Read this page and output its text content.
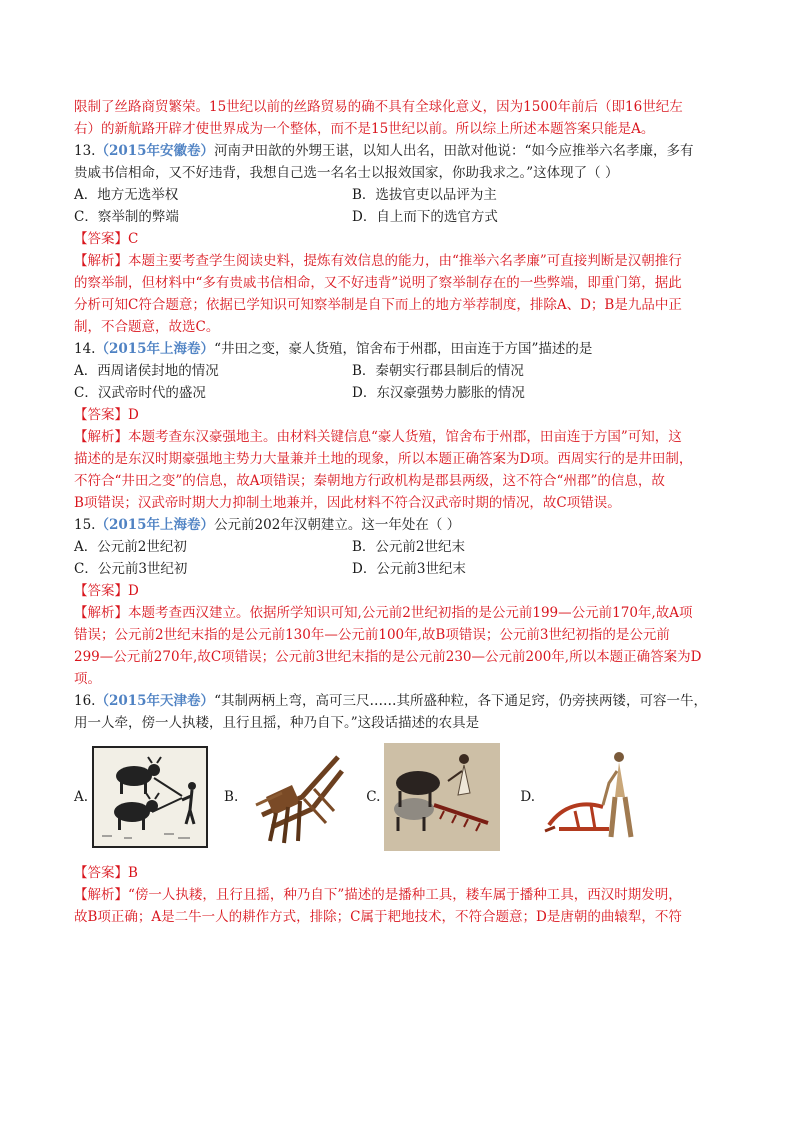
限制了丝路商贸繁荣。15世纪以前的丝路贸易的确不具有全球化意义，因为1500年前后（即16世纪左
右）的新航路开辟才使世界成为一个整体，而不是15世纪以前。所以综上所述本题答案只能是A。
13.（2015年安徽卷）河南尹田歆的外甥王谌，以知人出名，田歆对他说：“如今应推举六名孝廉，多有
贵戚书信相命，又不好违背，我想自己选一名名士以报效国家，你助我求之。”这体现了（ ）
A．地方无选举权	B．选拔官吏以品评为主
C．察举制的弊端	D．自上而下的选官方式
【答案】C
【解析】本题主要考查学生阅读史料，提炼有效信息的能力，由“推举六名孝廉”可直接判断是汉朝推行
的察举制，但材料中“多有贵戚书信相命，又不好违背”说明了察举制存在的一些弊端，即重门第，据此
分析可知C符合题意；依据已学知识可知察举制是自下而上的地方举荐制度，排除A、D；B是九品中正
制，不合题意，故选C。
14.（2015年上海卷）“井田之变，豪人货殖，馆舍布于州郡，田亩连于方国”描述的是
A．西周诸侯封地的情况	B．秦朝实行郡县制后的情况
C．汉武帝时代的盛况	D．东汉豪强势力膨胀的情况
【答案】D
【解析】本题考查东汉豪强地主。由材料关键信息“豪人货殖，馆舍布于州郡，田亩连于方国”可知，这
描述的是东汉时期豪强地主势力大量兼并土地的现象，所以本题正确答案为D项。西周实行的是井田制，
不符合“井田之变”的信息，故A项错误；秦朝地方行政机构是郡县两级，这不符合“州郡”的信息，故
B项错误；汉武帝时期大力抑制土地兼并，因此材料不符合汉武帝时期的情况，故C项错误。
15.（2015年上海卷）公元前202年汉朝建立。这一年处在（ ）
A．公元前2世纪初	B．公元前2世纪末
C．公元前3世纪初	D．公元前3世纪末
【答案】D
【解析】本题考查西汉建立。依据所学知识可知,公元前2世纪初指的是公元前199—公元前170年,故A项
错误；公元前2世纪末指的是公元前130年—公元前100年,故B项错误；公元前3世纪初指的是公元前
299—公元前270年,故C项错误；公元前3世纪末指的是公元前230—公元前200年,所以本题正确答案为D
项。
16.（2015年天津卷）“其制两柄上弯，高可三尺……其所盛种粒，各下通足窍，仍旁挟两镂，可容一牛，
用一人牵，傍一人执耧，且行且摇，种乃自下。”这段话描述的农具是
A.	B.	C.	D.
【答案】B
【解析】“傍一人执耧，且行且摇，种乃自下”描述的是播种工具，耧车属于播种工具，西汉时期发明，
故B项正确；A是二牛一人的耕作方式，排除；C属于耙地技术，不符合题意；D是唐朝的曲辕犁，不符
